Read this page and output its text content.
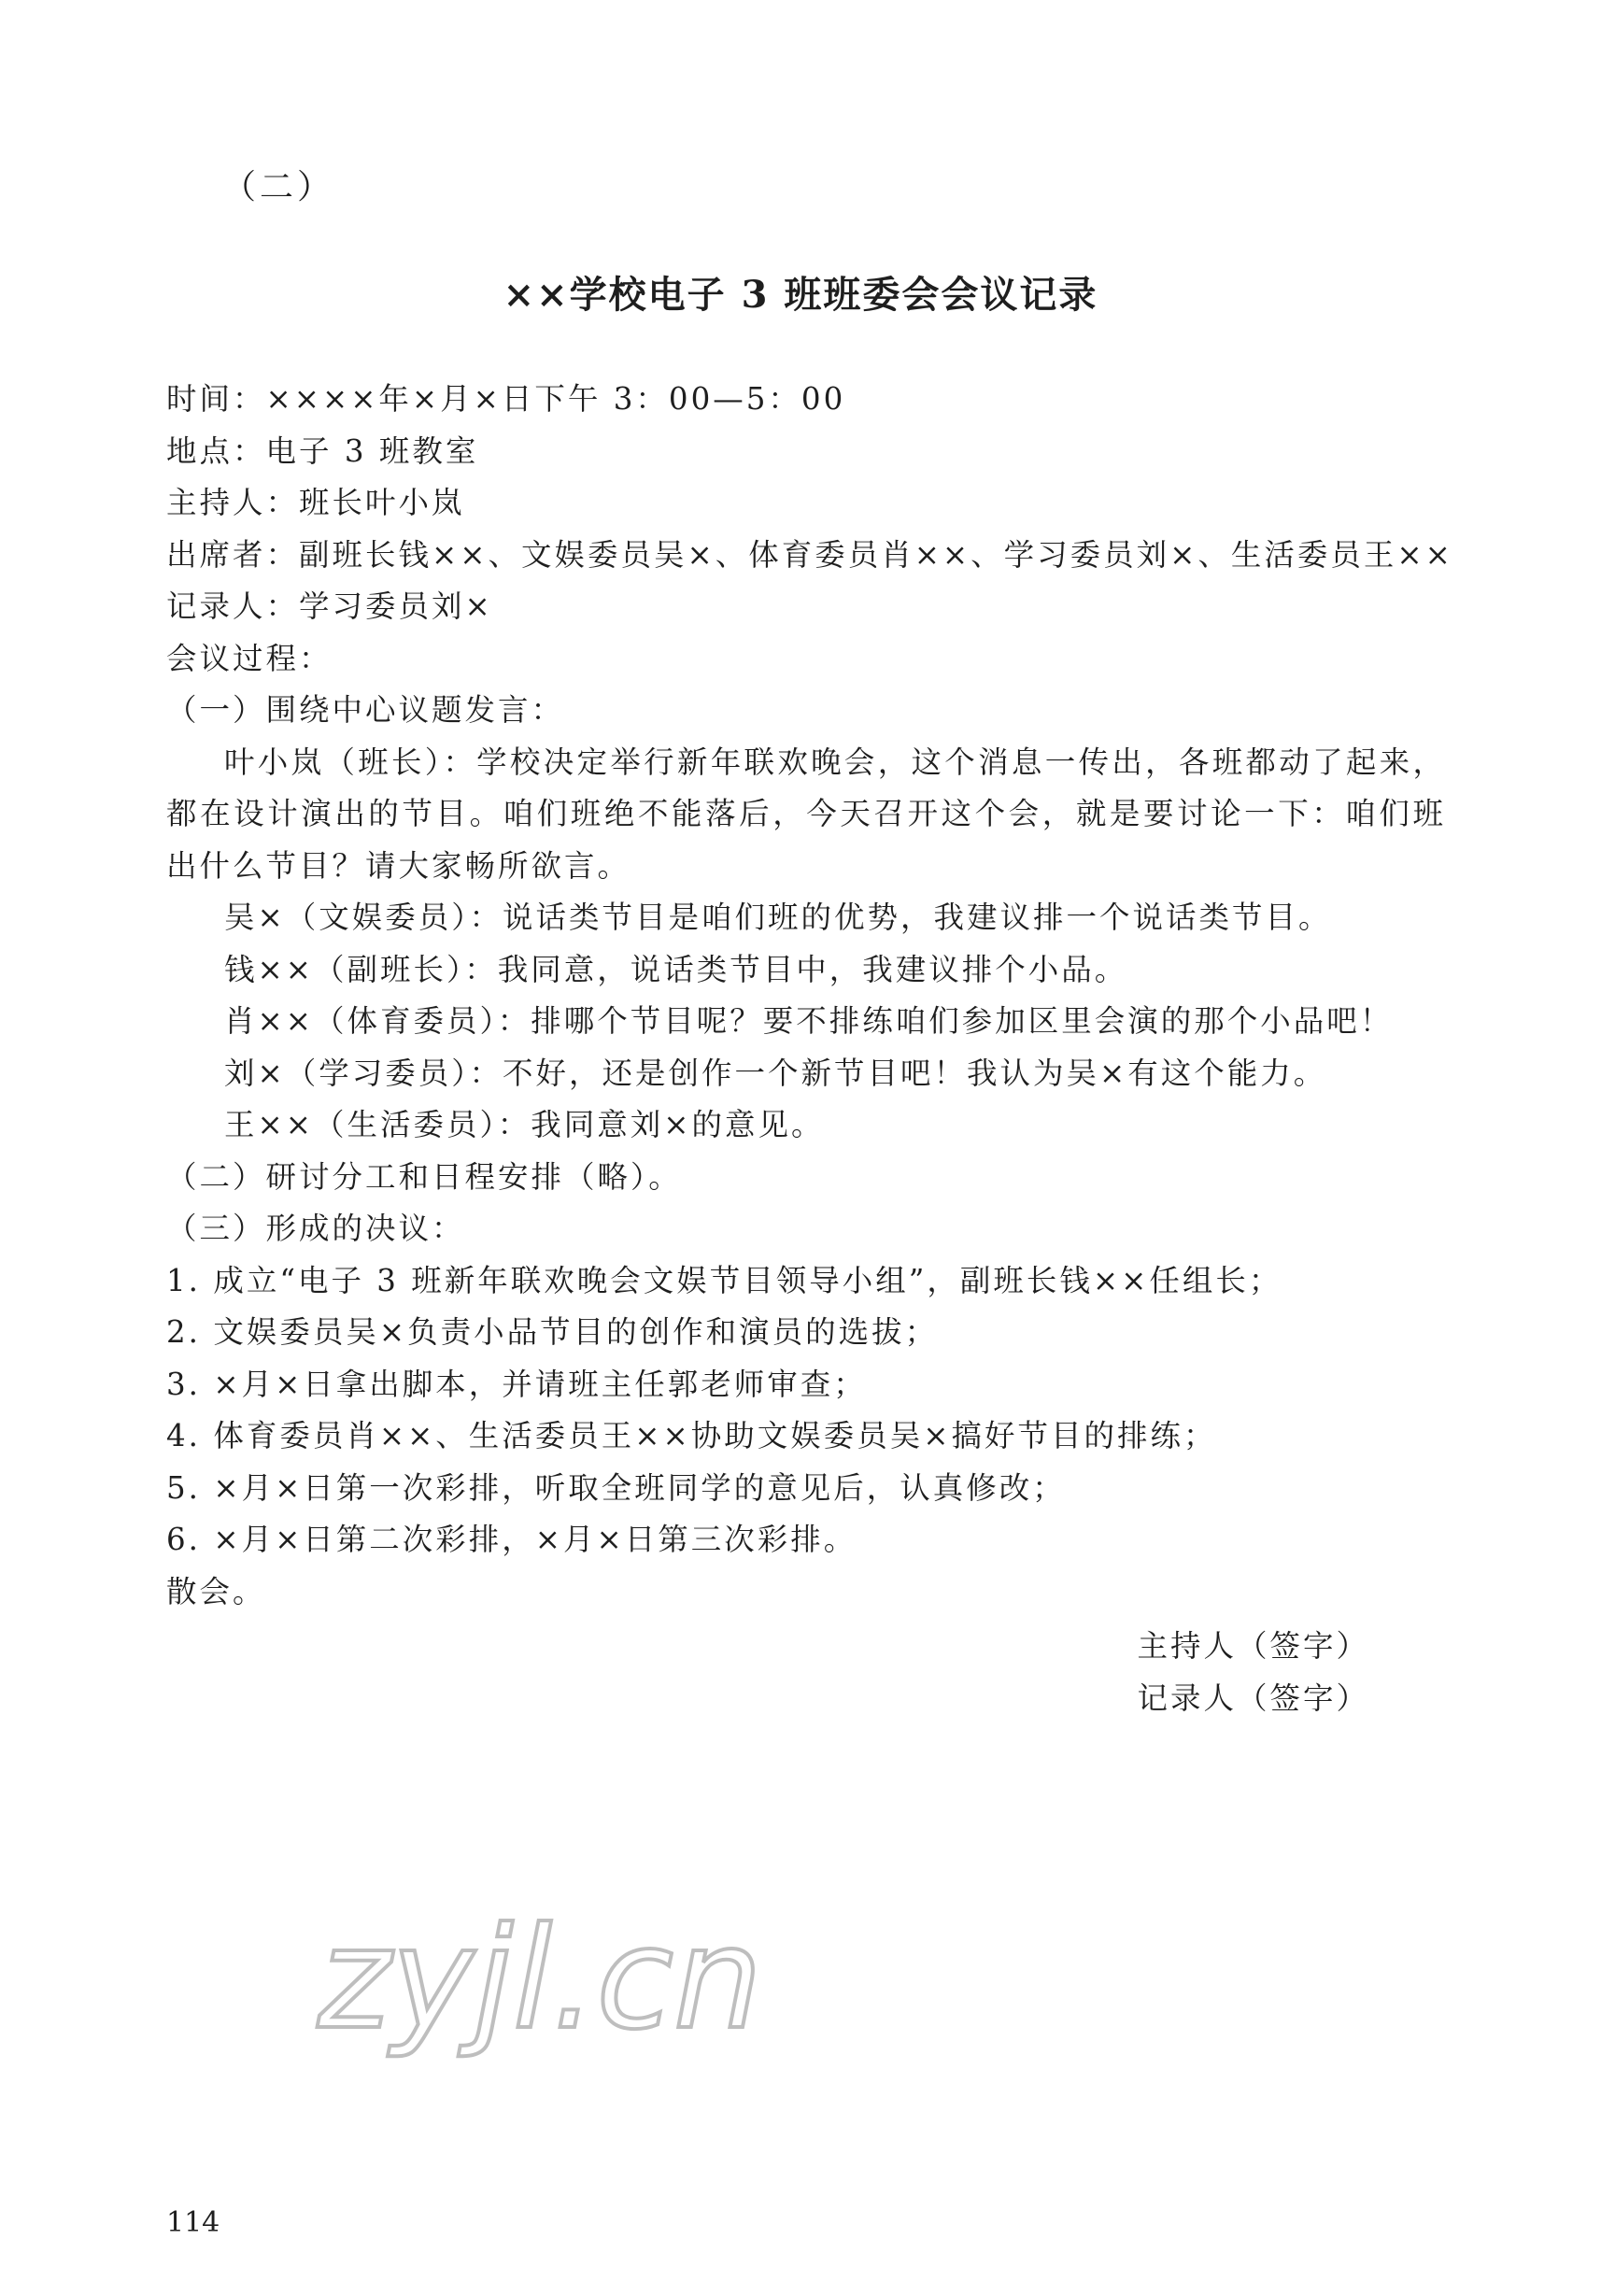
（二）
××学校电子 3 班班委会会议记录

时间：××××年×月×日下午 3：00—5：00

地点：电子 3 班教室

主持人：班长叶小岚

出席者：副班长钱××、文娱委员吴×、体育委员肖××、学习委员刘×、生活委员王××

记录人：学习委员刘×

会议过程：

（一）围绕中心议题发言：

叶小岚（班长）：学校决定举行新年联欢晚会，这个消息一传出，各班都动了起来，都在设计演出的节目。咱们班绝不能落后，今天召开这个会，就是要讨论一下：咱们班出什么节目？请大家畅所欲言。

吴×（文娱委员）：说话类节目是咱们班的优势，我建议排一个说话类节目。

钱××（副班长）：我同意，说话类节目中，我建议排个小品。

肖××（体育委员）：排哪个节目呢？要不排练咱们参加区里会演的那个小品吧！

刘×（学习委员）：不好，还是创作一个新节目吧！我认为吴×有这个能力。

王××（生活委员）：我同意刘×的意见。

（二）研讨分工和日程安排（略）。

（三）形成的决议：

1. 成立“电子 3 班新年联欢晚会文娱节目领导小组”，副班长钱××任组长；

2. 文娱委员吴×负责小品节目的创作和演员的选拔；

3. ×月×日拿出脚本，并请班主任郭老师审查；

4. 体育委员肖××、生活委员王××协助文娱委员吴×搞好节目的排练；

5. ×月×日第一次彩排，听取全班同学的意见后，认真修改；

6. ×月×日第二次彩排，×月×日第三次彩排。

散会。

主持人（签字）

记录人（签字）

zyjl.cn
114
